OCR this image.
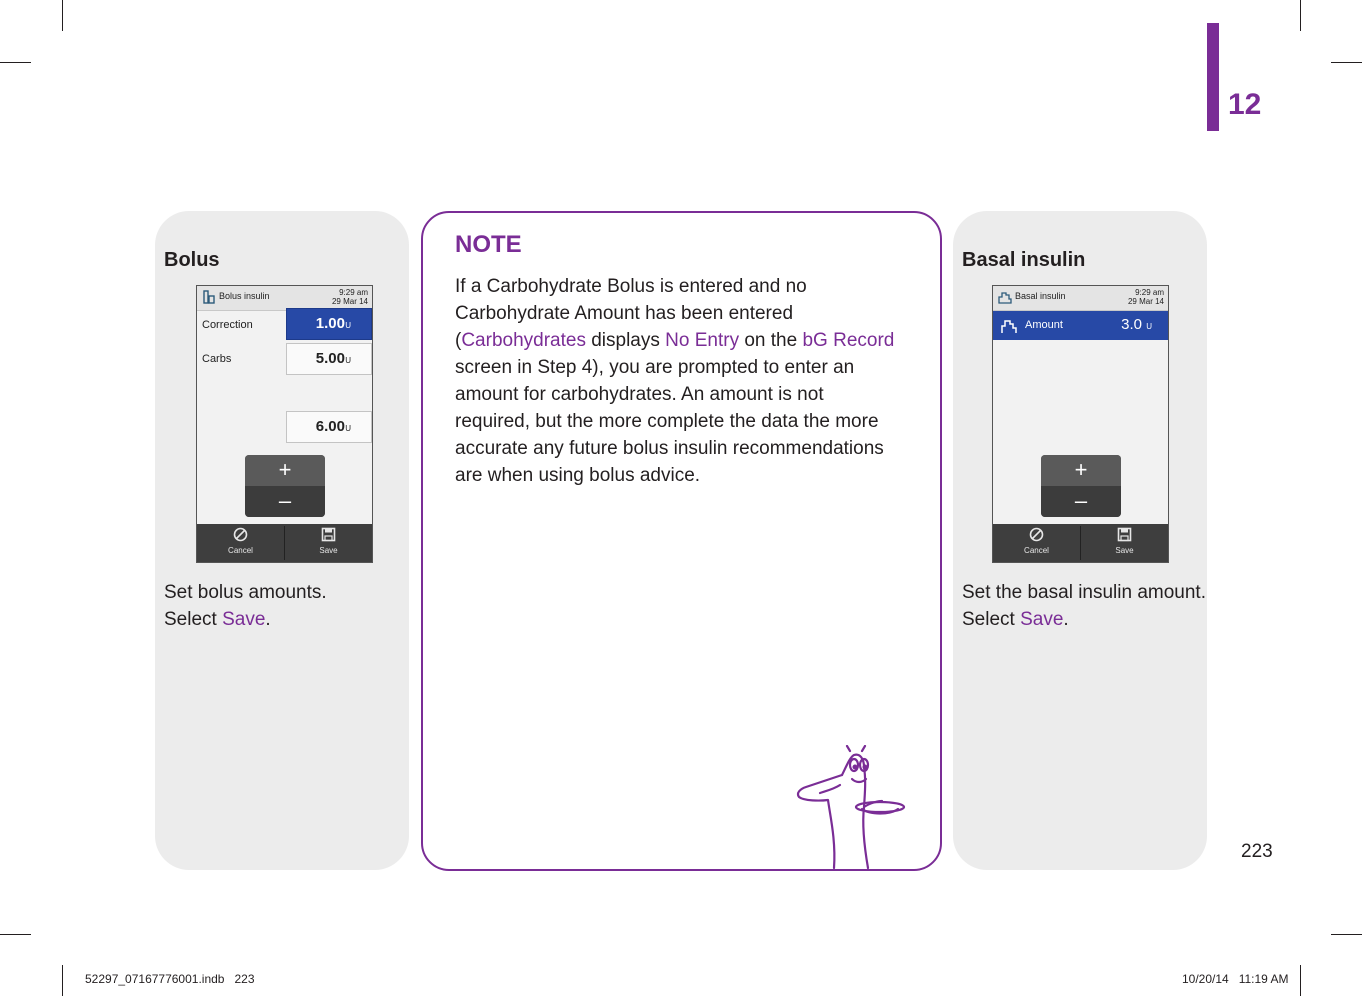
12
Bolus
Bolus insulin	9:29 am
29 Mar 14
Correction	1.00 U
Carbs	5.00 U
6.00 U
+
–
Cancel	Save
Set bolus amounts.
Select Save.
NOTE
If a Carbohydrate Bolus is entered and no Carbohydrate Amount has been entered (Carbohydrates displays No Entry on the bG Record screen in Step 4), you are prompted to enter an amount for carbohydrates. An amount is not required, but the more complete the data the more accurate any future bolus insulin recommendations are when using bolus advice.
Basal insulin
Basal insulin	9:29 am
29 Mar 14
Amount	3.0 U
+
–
Cancel	Save
Set the basal insulin amount.
Select Save.
223
52297_07167776001.indb   223	10/20/14   11:19 AM
